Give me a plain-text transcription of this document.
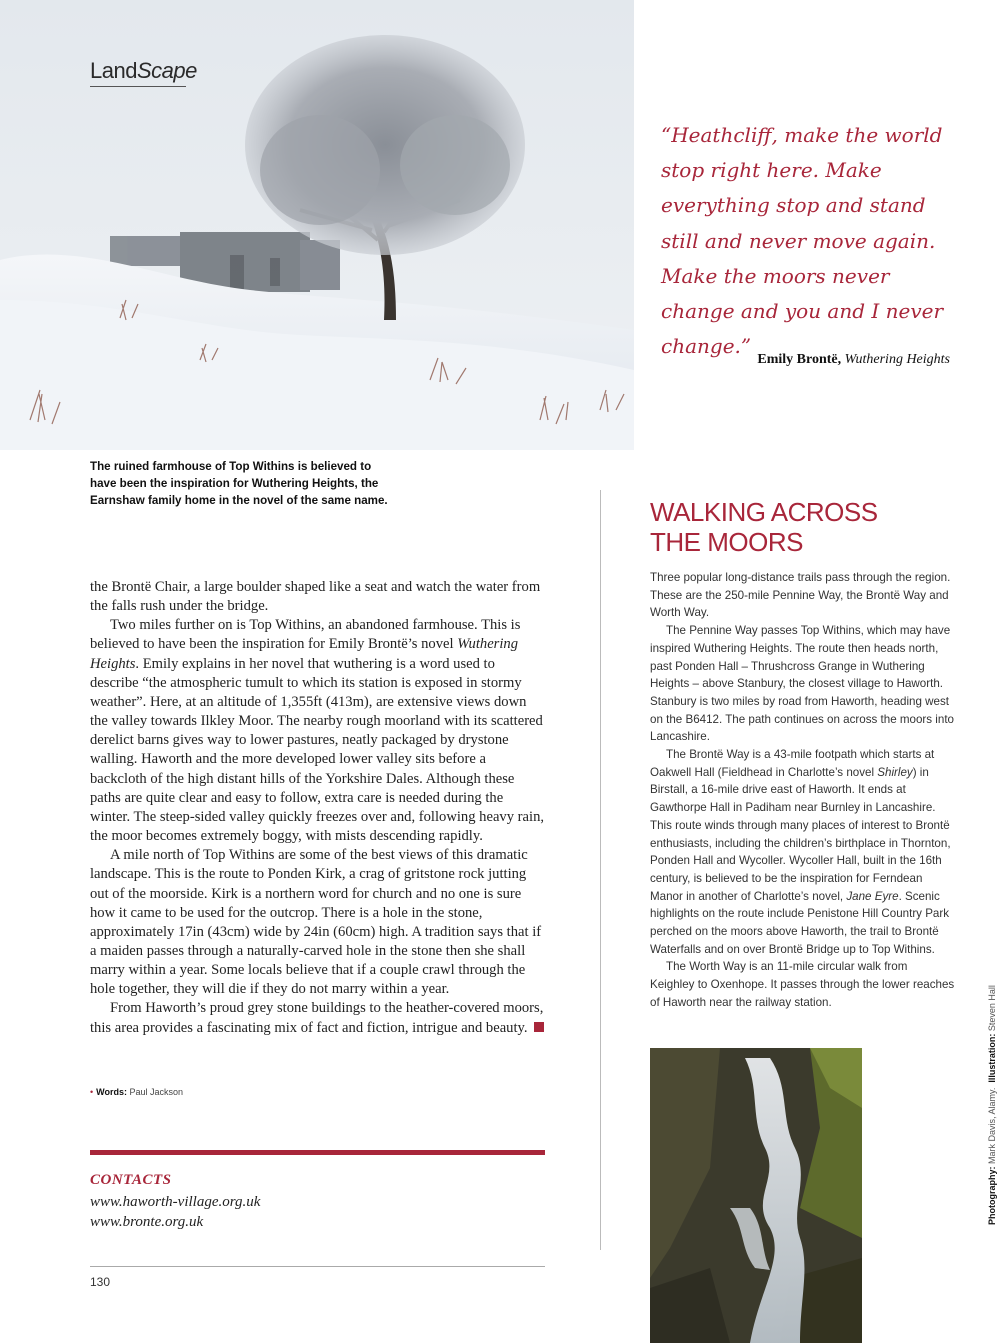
LandScape
The ruined farmhouse of Top Withins is believed to have been the inspiration for Wuthering Heights, the Earnshaw family home in the novel of the same name.
“Heathcliff, make the world stop right here. Make everything stop and stand still and never move again. Make the moors never change and you and I never change.”
Emily Brontë, Wuthering Heights

the Brontë Chair, a large boulder shaped like a seat and watch the water from the falls rush under the bridge.

Two miles further on is Top Withins, an abandoned farmhouse. This is believed to have been the inspiration for Emily Brontë’s novel Wuthering Heights. Emily explains in her novel that wuthering is a word used to describe “the atmospheric tumult to which its station is exposed in stormy weather”. Here, at an altitude of 1,355ft (413m), are extensive views down the valley towards Ilkley Moor. The nearby rough moorland with its scattered derelict barns gives way to lower pastures, neatly packaged by drystone walling. Haworth and the more developed lower valley sits before a backcloth of the high distant hills of the Yorkshire Dales. Although these paths are quite clear and easy to follow, extra care is needed during the winter. The steep-sided valley quickly freezes over and, following heavy rain, the moor becomes extremely boggy, with mists descending rapidly.

A mile north of Top Withins are some of the best views of this dramatic landscape. This is the route to Ponden Kirk, a crag of gritstone rock jutting out of the moorside. Kirk is a northern word for church and no one is sure how it came to be used for the outcrop. There is a hole in the stone, approximately 17in (43cm) wide by 24in (60cm) high. A tradition says that if a maiden passes through a naturally-carved hole in the stone then she shall marry within a year. Some locals believe that if a couple crawl through the hole together, they will die if they do not marry within a year.

From Haworth’s proud grey stone buildings to the heather-covered moors, this area provides a fascinating mix of fact and fiction, intrigue and beauty.

• Words: Paul Jackson
CONTACTS
www.haworth-village.org.uk
www.bronte.org.uk
130
WALKING ACROSS
THE MOORS

Three popular long-distance trails pass through the region. These are the 250-mile Pennine Way, the Brontë Way and Worth Way.

The Pennine Way passes Top Withins, which may have inspired Wuthering Heights. The route then heads north, past Ponden Hall – Thrushcross Grange in Wuthering Heights – above Stanbury, the closest village to Haworth. Stanbury is two miles by road from Haworth, heading west on the B6412. The path continues on across the moors into Lancashire.

The Brontë Way is a 43-mile footpath which starts at Oakwell Hall (Fieldhead in Charlotte’s novel Shirley) in Birstall, a 16-mile drive east of Haworth. It ends at Gawthorpe Hall in Padiham near Burnley in Lancashire. This route winds through many places of interest to Brontë enthusiasts, including the children’s birthplace in Thornton, Ponden Hall and Wycoller. Wycoller Hall, built in the 16th century, is believed to be the inspiration for Ferndean Manor in another of Charlotte’s novel, Jane Eyre. Scenic highlights on the route include Penistone Hill Country Park perched on the moors above Haworth, the trail to Brontë Waterfalls and on over Brontë Bridge up to Top Withins.

The Worth Way is an 11-mile circular walk from Keighley to Oxenhope. It passes through the lower reaches of Haworth near the railway station.

Photography: Mark Davis, Alamy.  Illustration: Steven Hall
